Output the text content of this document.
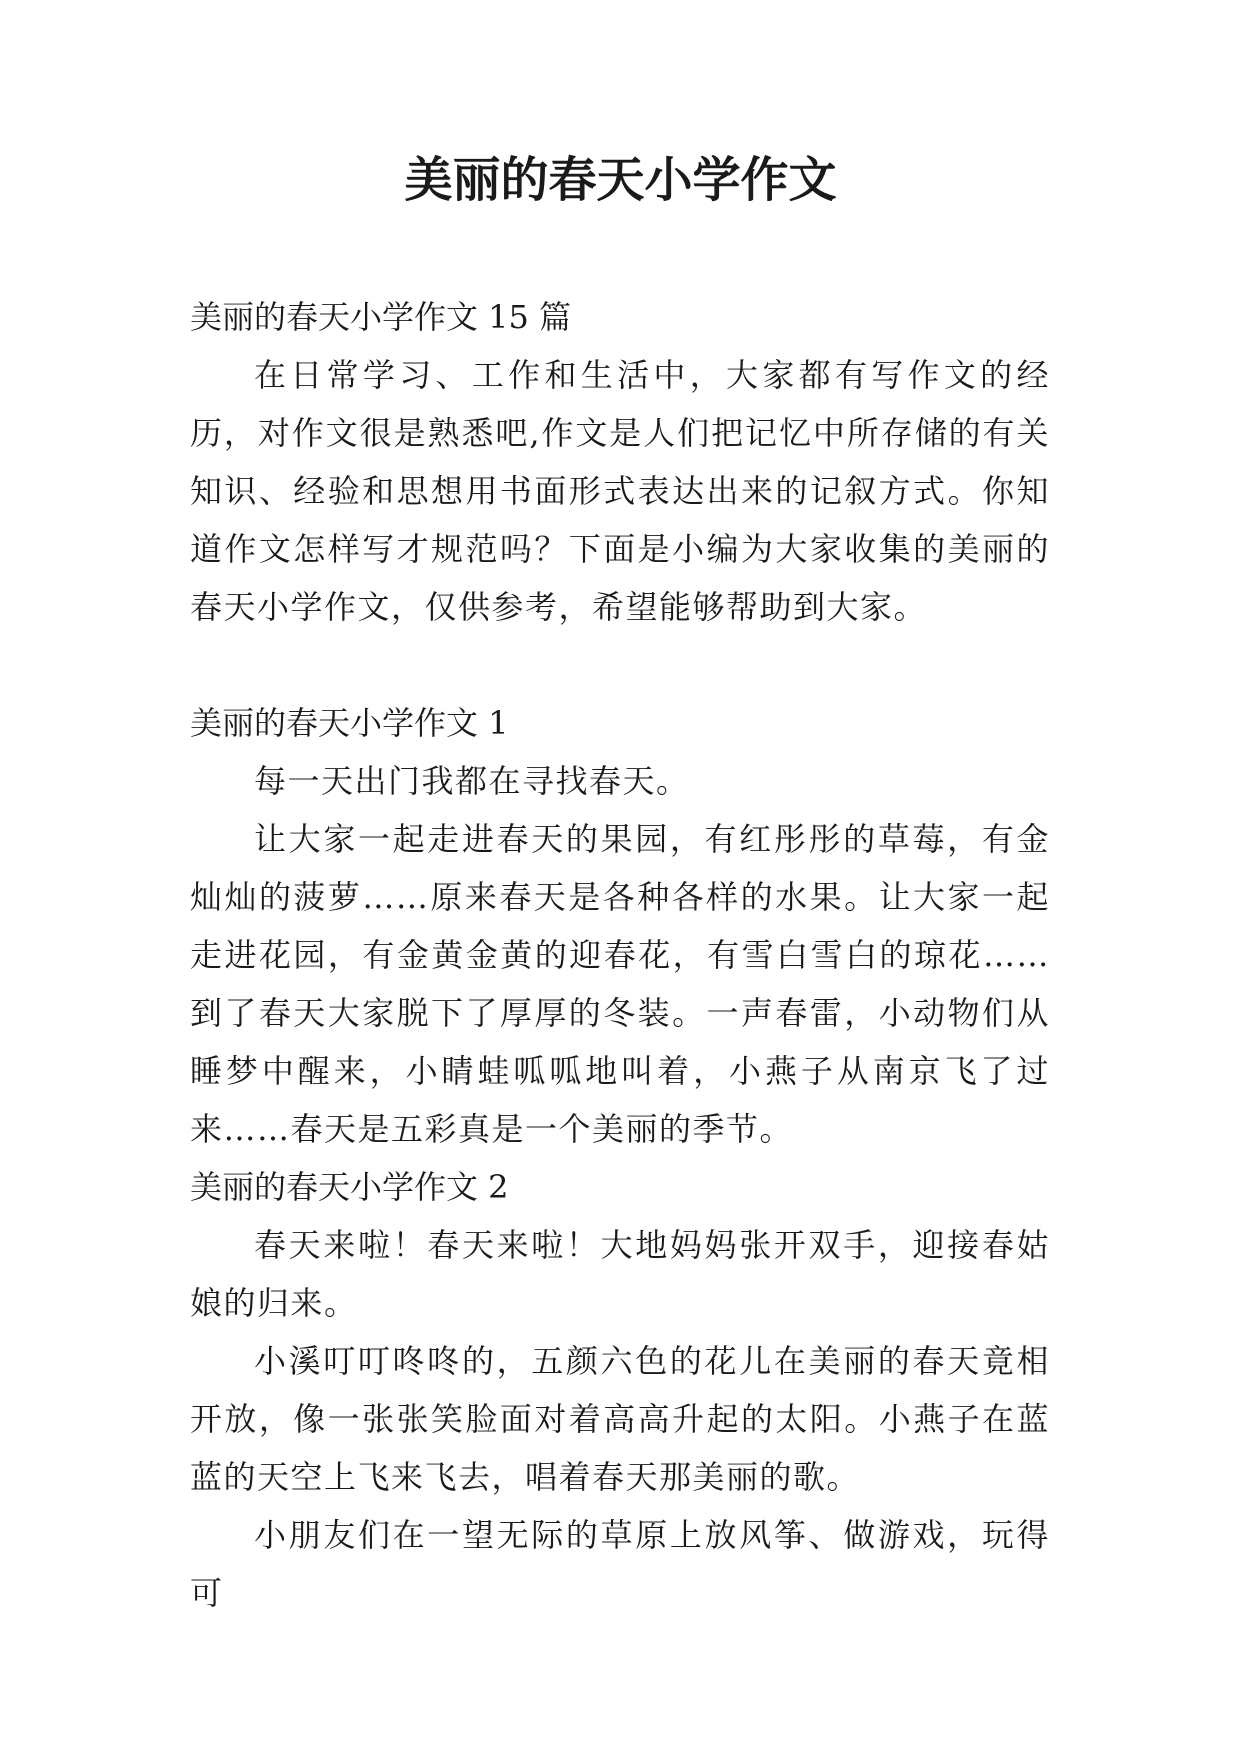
美丽的春天小学作文

美丽的春天小学作文 15 篇

在日常学习、工作和生活中，大家都有写作文的经历，对作文很是熟悉吧,作文是人们把记忆中所存储的有关知识、经验和思想用书面形式表达出来的记叙方式。你知道作文怎样写才规范吗？下面是小编为大家收集的美丽的春天小学作文，仅供参考，希望能够帮助到大家。

美丽的春天小学作文 1

每一天出门我都在寻找春天。

让大家一起走进春天的果园，有红彤彤的草莓，有金灿灿的菠萝……原来春天是各种各样的水果。让大家一起走进花园，有金黄金黄的迎春花，有雪白雪白的琼花……到了春天大家脱下了厚厚的冬装。一声春雷，小动物们从睡梦中醒来，小睛蛙呱呱地叫着，小燕子从南京飞了过来……春天是五彩真是一个美丽的季节。

美丽的春天小学作文 2

春天来啦！春天来啦！大地妈妈张开双手，迎接春姑娘的归来。

小溪叮叮咚咚的，五颜六色的花儿在美丽的春天竟相开放，像一张张笑脸面对着高高升起的太阳。小燕子在蓝蓝的天空上飞来飞去，唱着春天那美丽的歌。

小朋友们在一望无际的草原上放风筝、做游戏，玩得可
